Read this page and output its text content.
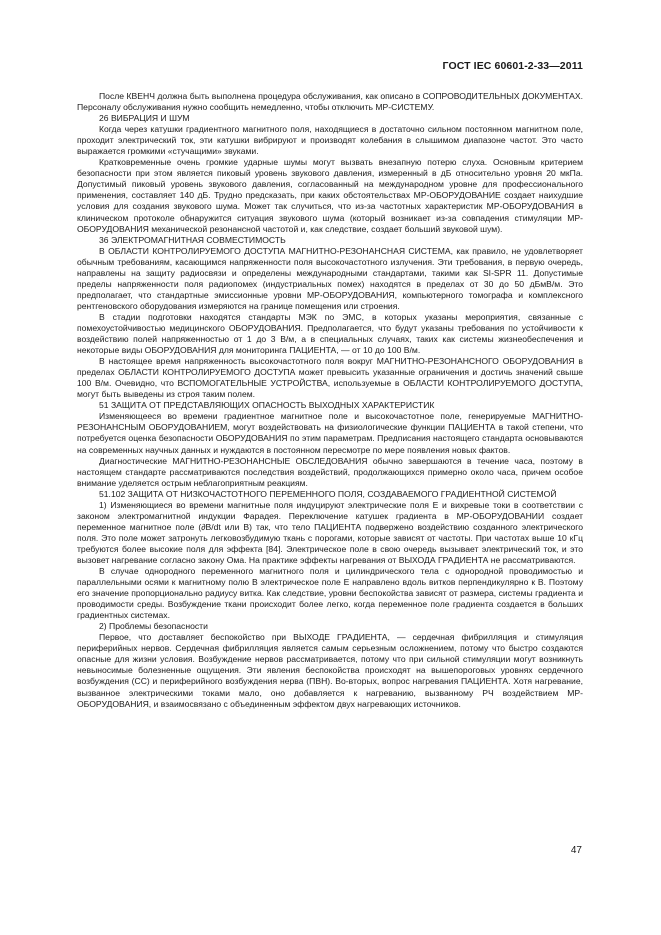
ГОСТ IEC 60601-2-33—2011

После КВЕНЧ должна быть выполнена процедура обслуживания, как описано в СОПРОВОДИТЕЛЬНЫХ ДОКУМЕНТАХ. Персоналу обслуживания нужно сообщить немедленно, чтобы отключить МР-СИСТЕМУ.

26 ВИБРАЦИЯ И ШУМ

Когда через катушки градиентного магнитного поля, находящиеся в достаточно сильном постоянном магнитном поле, проходит электрический ток, эти катушки вибрируют и производят колебания в слышимом диапазоне частот. Это часто выражается громкими «стучащими» звуками.

Кратковременные очень громкие ударные шумы могут вызвать внезапную потерю слуха. Основным критерием безопасности при этом является пиковый уровень звукового давления, измеренный в дБ относительно уровня 20 мкПа. Допустимый пиковый уровень звукового давления, согласованный на международном уровне для профессионального применения, составляет 140 дБ. Трудно предсказать, при каких обстоятельствах МР-ОБОРУДОВАНИЕ создает наихудшие условия для создания звукового шума. Может так случиться, что из-за частотных характеристик МР-ОБОРУДОВАНИЯ в клиническом протоколе обнаружится ситуация звукового шума (который возникает из-за совпадения стимуляции МР-ОБОРУДОВАНИЯ механической резонансной частотой и, как следствие, создает больший звуковой шум).

36 ЭЛЕКТРОМАГНИТНАЯ СОВМЕСТИМОСТЬ

В ОБЛАСТИ КОНТРОЛИРУЕМОГО ДОСТУПА МАГНИТНО-РЕЗОНАНСНАЯ СИСТЕМА, как правило, не удовлетворяет обычным требованиям, касающимся напряженности поля высокочастотного излучения. Эти требования, в первую очередь, направлены на защиту радиосвязи и определены международными стандартами, такими как SI-SPR 11. Допустимые пределы напряженности поля радиопомех (индустриальных помех) находятся в пределах от 30 до 50 дБмВ/м. Это предполагает, что стандартные эмиссионные уровни МР-ОБОРУДОВАНИЯ, компьютерного томографа и комплексного рентгеновского оборудования измеряются на границе помещения или строения.

В стадии подготовки находятся стандарты МЭК по ЭМС, в которых указаны мероприятия, связанные с помехоустойчивостью медицинского ОБОРУДОВАНИЯ. Предполагается, что будут указаны требования по устойчивости к воздействию полей напряженностью от 1 до 3 В/м, а в специальных случаях, таких как системы жизнеобеспечения и некоторые виды ОБОРУДОВАНИЯ для мониторинга ПАЦИЕНТА, — от 10 до 100 В/м.

В настоящее время напряженность высокочастотного поля вокруг МАГНИТНО-РЕЗОНАНСНОГО ОБОРУДОВАНИЯ в пределах ОБЛАСТИ КОНТРОЛИРУЕМОГО ДОСТУПА может превысить указанные ограничения и достичь значений свыше 100 В/м. Очевидно, что ВСПОМОГАТЕЛЬНЫЕ УСТРОЙСТВА, используемые в ОБЛАСТИ КОНТРОЛИРУЕМОГО ДОСТУПА, могут быть выведены из строя таким полем.

51 ЗАЩИТА ОТ ПРЕДСТАВЛЯЮЩИХ ОПАСНОСТЬ ВЫХОДНЫХ ХАРАКТЕРИСТИК

Изменяющееся во времени градиентное магнитное поле и высокочастотное поле, генерируемые МАГНИТНО-РЕЗОНАНСНЫМ ОБОРУДОВАНИЕМ, могут воздействовать на физиологические функции ПАЦИЕНТА в такой степени, что потребуется оценка безопасности ОБОРУДОВАНИЯ по этим параметрам. Предписания настоящего стандарта основываются на современных научных данных и нуждаются в постоянном пересмотре по мере появления новых фактов.

Диагностические МАГНИТНО-РЕЗОНАНСНЫЕ ОБСЛЕДОВАНИЯ обычно завершаются в течение часа, поэтому в настоящем стандарте рассматриваются последствия воздействий, продолжающихся примерно около часа, причем особое внимание уделяется острым неблагоприятным реакциям.

51.102 ЗАЩИТА ОТ НИЗКОЧАСТОТНОГО ПЕРЕМЕННОГО ПОЛЯ, СОЗДАВАЕМОГО ГРАДИЕНТНОЙ СИСТЕМОЙ

1) Изменяющиеся во времени магнитные поля индуцируют электрические поля E и вихревые токи в соответствии с законом электромагнитной индукции Фарадея. Переключение катушек градиента в МР-ОБОРУДОВАНИИ создает переменное магнитное поле (∂B/dt или B) так, что тело ПАЦИЕНТА подвержено воздействию созданного электрического поля. Это поле может затронуть легковозбудимую ткань с порогами, которые зависят от частоты. При частотах выше 10 кГц требуются более высокие поля для эффекта [84]. Электрическое поле в свою очередь вызывает электрический ток, и это вызовет нагревание согласно закону Ома. На практике эффекты нагревания от ВЫХОДА ГРАДИЕНТА не рассматриваются.

В случае однородного переменного магнитного поля и цилиндрического тела с однородной проводимостью и параллельными осями к магнитному полю B электрическое поле E направлено вдоль витков перпендикулярно к B. Поэтому его значение пропорционально радиусу витка. Как следствие, уровни беспокойства зависят от размера, системы градиента и проводимости среды. Возбуждение ткани происходит более легко, когда переменное поле градиента создается в больших градиентных системах.

2) Проблемы безопасности

Первое, что доставляет беспокойство при ВЫХОДЕ ГРАДИЕНТА, — сердечная фибрилляция и стимуляция периферийных нервов. Сердечная фибрилляция является самым серьезным осложнением, потому что быстро создаются опасные для жизни условия. Возбуждение нервов рассматривается, потому что при сильной стимуляции могут возникнуть невыносимые болезненные ощущения. Эти явления беспокойства происходят на вышепороговых уровнях сердечного возбуждения (СС) и периферийного возбуждения нерва (ПВН). Во-вторых, вопрос нагревания ПАЦИЕНТА. Хотя нагревание, вызванное электрическими токами мало, оно добавляется к нагреванию, вызванному РЧ воздействием МР-ОБОРУДОВАНИЯ, и взаимосвязано с объединенным эффектом двух нагревающих источников.

47
